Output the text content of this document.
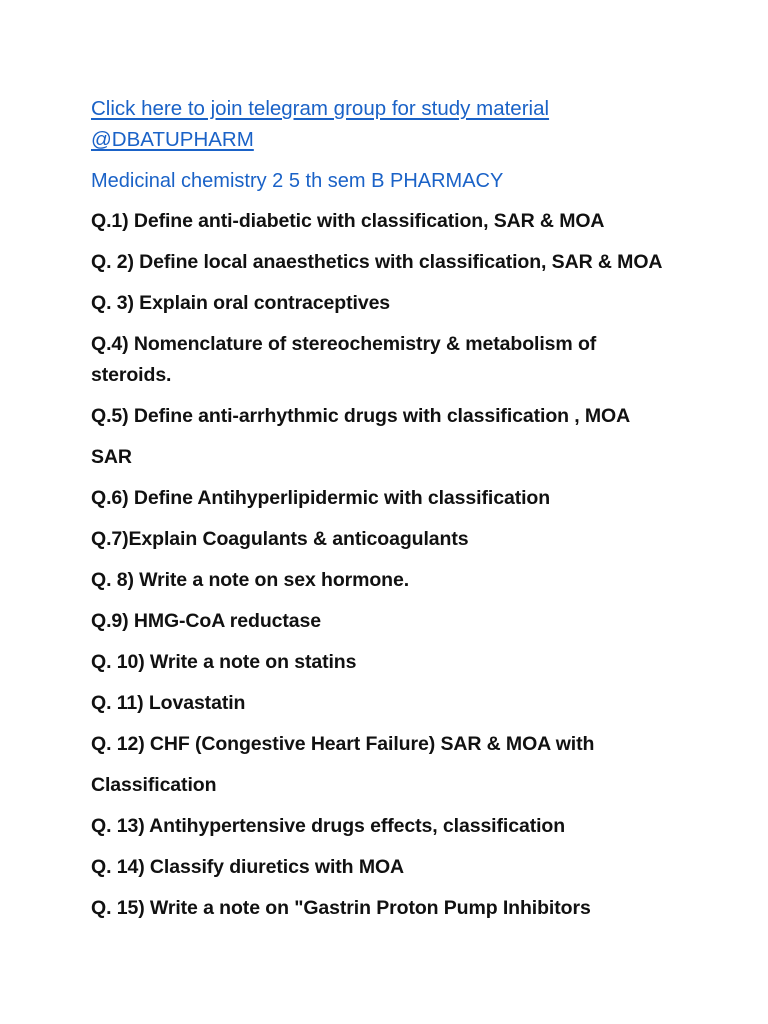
Click here to join telegram group for study material
@DBATUPHARM
Medicinal chemistry 2 5 th sem B PHARMACY
Q.1) Define anti-diabetic with classification, SAR & MOA
Q. 2) Define local anaesthetics with classification, SAR & MOA
Q. 3) Explain oral contraceptives
Q.4) Nomenclature of stereochemistry & metabolism of
steroids.
Q.5) Define anti-arrhythmic drugs with classification , MOA
SAR
Q.6) Define Antihyperlipidermic with classification
Q.7)Explain Coagulants & anticoagulants
Q. 8) Write a note on sex hormone.
Q.9) HMG-CoA reductase
Q. 10) Write a note on statins
Q. 11) Lovastatin
Q. 12) CHF (Congestive Heart Failure) SAR & MOA with
Classification
Q. 13) Antihypertensive drugs effects, classification
Q. 14) Classify diuretics with MOA
Q. 15) Write a note on "Gastrin Proton Pump Inhibitors
